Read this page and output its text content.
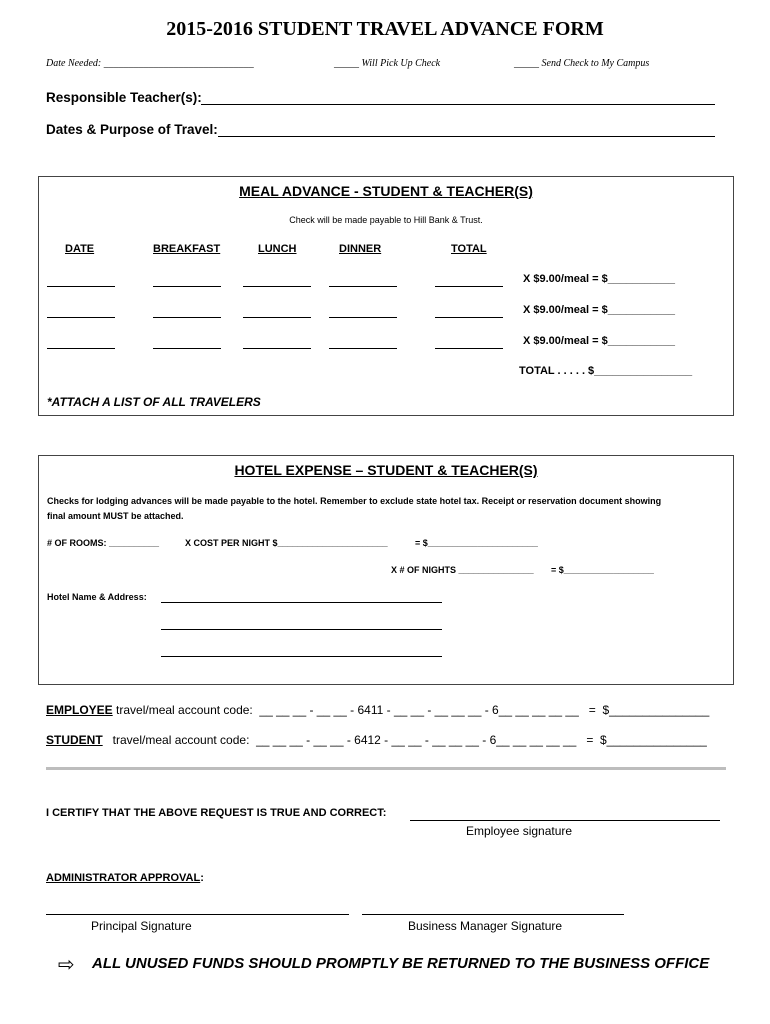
2015-2016 STUDENT TRAVEL ADVANCE FORM
Date Needed: ______________________________	_____ Will Pick Up Check	_____ Send Check to My Campus
Responsible Teacher(s):
Dates & Purpose of Travel:
MEAL ADVANCE - STUDENT & TEACHER(S)
Check will be made payable to Hill Bank & Trust.
DATE	BREAKFAST	LUNCH	DINNER	TOTAL
X $9.00/meal = $___________
X $9.00/meal = $___________
X $9.00/meal = $___________
TOTAL . . . . . $________________
*ATTACH A LIST OF ALL TRAVELERS
HOTEL EXPENSE – STUDENT & TEACHER(S)
Checks for lodging advances will be made payable to the hotel. Remember to exclude state hotel tax. Receipt or reservation document showing
final amount MUST be attached.
# OF ROOMS: __________	X COST PER NIGHT $______________________	= $______________________
X # OF NIGHTS _______________ = $__________________
Hotel Name & Address:
EMPLOYEE travel/meal account code:  __ __ __ - __ __ - 6411 - __ __ - __ __ __ - 6__ __ __ __ __   =  $_______________
STUDENT   travel/meal account code:  __ __ __ - __ __ - 6412 - __ __ - __ __ __ - 6__ __ __ __ __   =  $_______________
I CERTIFY THAT THE ABOVE REQUEST IS TRUE AND CORRECT:
Employee signature
ADMINISTRATOR APPROVAL:
Principal Signature	Business Manager Signature
⇨ ALL UNUSED FUNDS SHOULD PROMPTLY BE RETURNED TO THE BUSINESS OFFICE
